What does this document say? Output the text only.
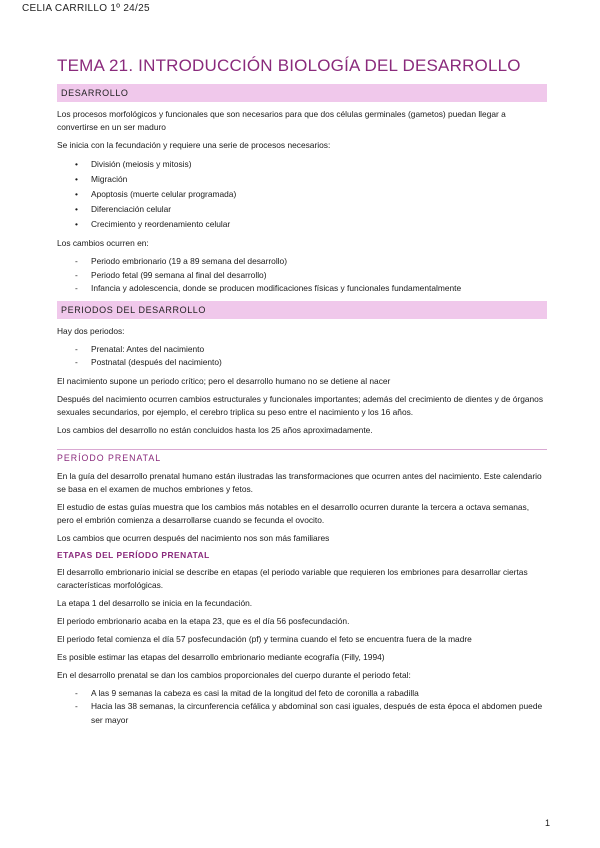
CELIA CARRILLO 1º 24/25
TEMA 21. INTRODUCCIÓN BIOLOGÍA DEL DESARROLLO
DESARROLLO

Los procesos morfológicos y funcionales que son necesarios para que dos células germinales (gametos) puedan llegar a convertirse en un ser maduro

Se inicia con la fecundación y requiere una serie de procesos necesarios:

• División (meiosis y mitosis)
• Migración
• Apoptosis (muerte celular programada)
• Diferenciación celular
• Crecimiento y reordenamiento celular

Los cambios ocurren en:

- Periodo embrionario (19 a 89 semana del desarrollo)
- Periodo fetal (99 semana al final del desarrollo)
- Infancia y adolescencia, donde se producen modificaciones físicas y funcionales fundamentalmente
PERIODOS DEL DESARROLLO

Hay dos periodos:

- Prenatal: Antes del nacimiento
- Postnatal (después del nacimiento)

El nacimiento supone un periodo crítico; pero el desarrollo humano no se detiene al nacer

Después del nacimiento ocurren cambios estructurales y funcionales importantes; además del crecimiento de dientes y de órganos sexuales secundarios, por ejemplo, el cerebro triplica su peso entre el nacimiento y los 16 años.

Los cambios del desarrollo no están concluidos hasta los 25 años aproximadamente.

PERÍODO PRENATAL

En la guía del desarrollo prenatal humano están ilustradas las transformaciones que ocurren antes del nacimiento. Este calendario se basa en el examen de muchos embriones y fetos.

El estudio de estas guías muestra que los cambios más notables en el desarrollo ocurren durante la tercera a octava semanas, pero el embrión comienza a desarrollarse cuando se fecunda el ovocito.

Los cambios que ocurren después del nacimiento nos son más familiares

ETAPAS DEL PERÍODO PRENATAL

El desarrollo embrionario inicial se describe en etapas (el periodo variable que requieren los embriones para desarrollar ciertas características morfológicas.

La etapa 1 del desarrollo se inicia en la fecundación.

El periodo embrionario acaba en la etapa 23, que es el día 56 posfecundación.

El periodo fetal comienza el día 57 posfecundación (pf) y termina cuando el feto se encuentra fuera de la madre

Es posible estimar las etapas del desarrollo embrionario mediante ecografía (Filly, 1994)

En el desarrollo prenatal se dan los cambios proporcionales del cuerpo durante el periodo fetal:

- A las 9 semanas la cabeza es casi la mitad de la longitud del feto de coronilla a rabadilla
- Hacia las 38 semanas, la circunferencia cefálica y abdominal son casi iguales, después de esta época el abdomen puede ser mayor
1
